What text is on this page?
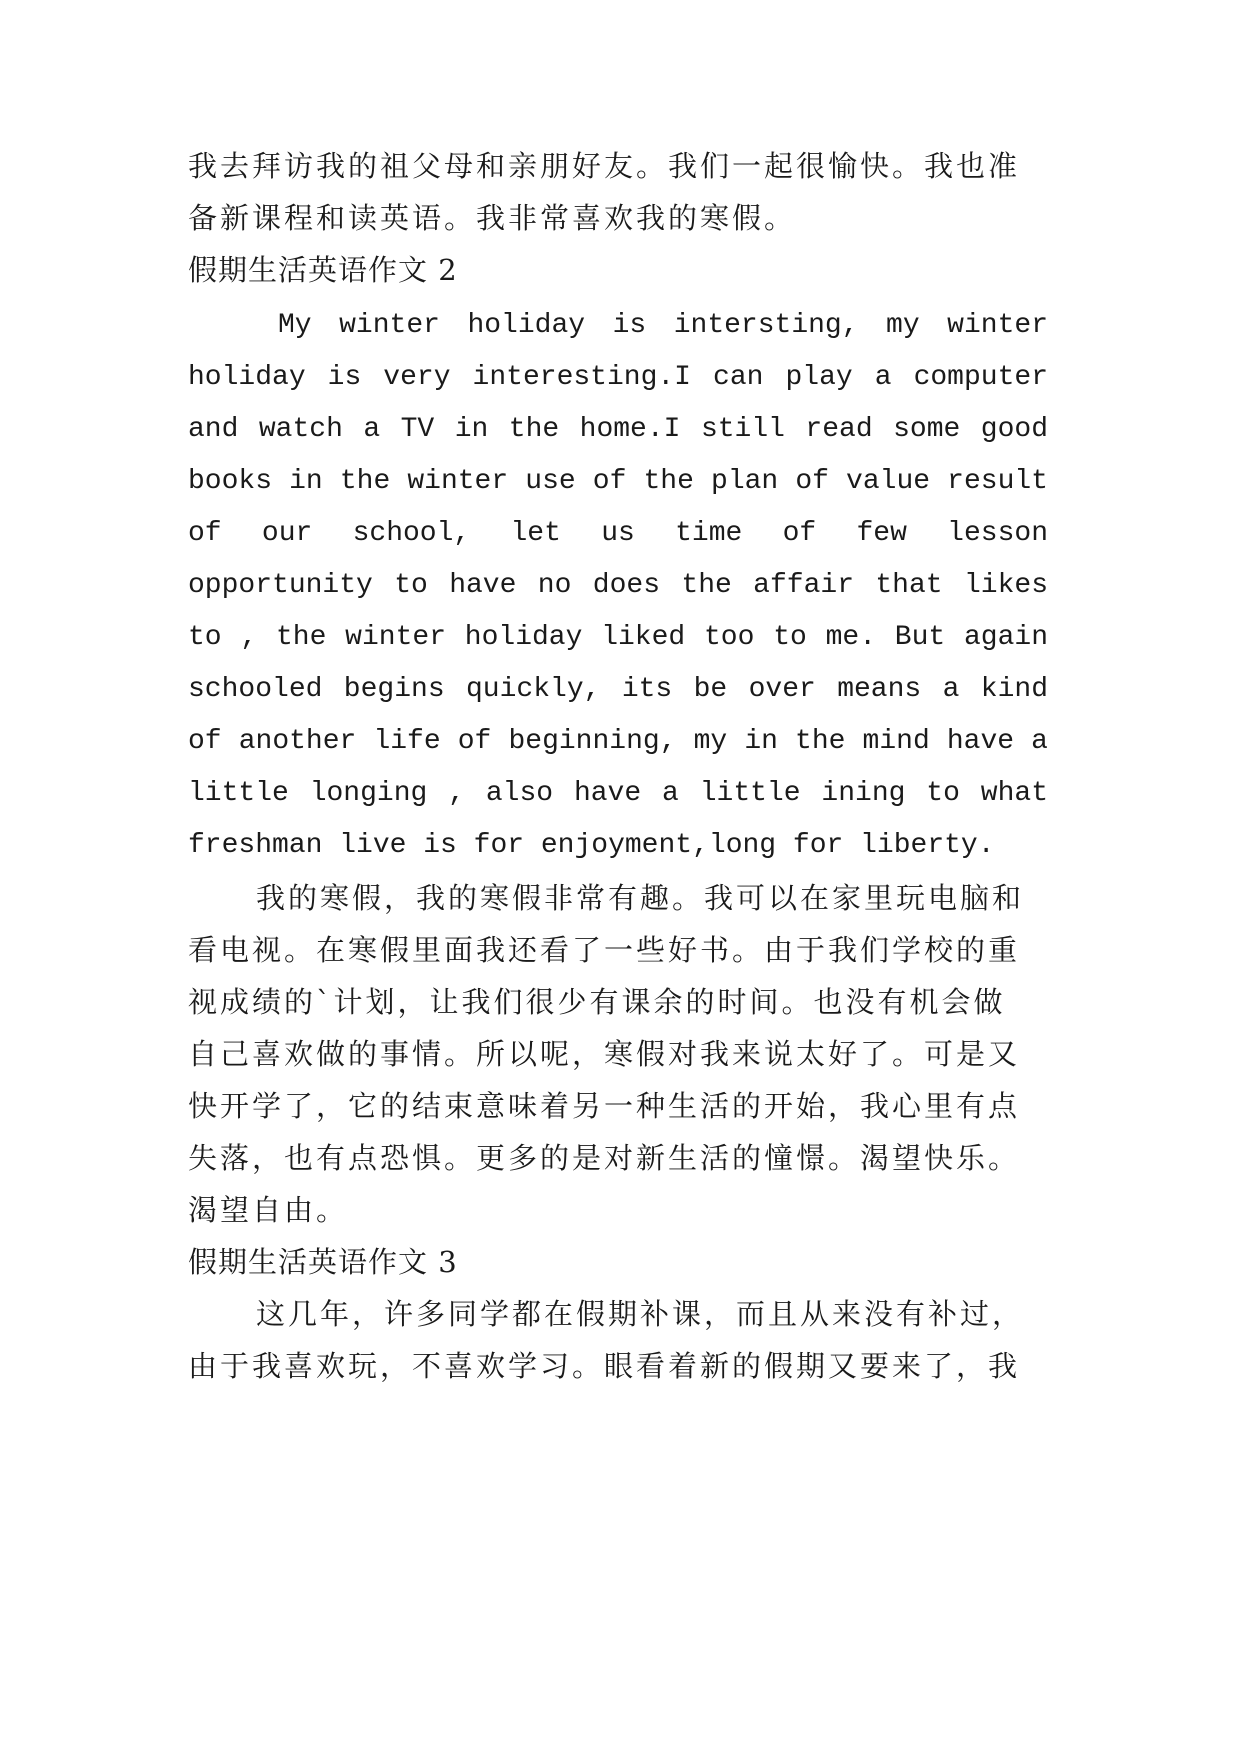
我去拜访我的祖父母和亲朋好友。我们一起很愉快。我也准
备新课程和读英语。我非常喜欢我的寒假。
假期生活英语作文 2
My winter holiday is intersting, my winter
holiday is very interesting.I can play a computer
and watch a TV in the home.I still read some good
books in the winter use of the plan of value result
of our school, let us time of few lesson
opportunity to have no does the affair that likes
to , the winter holiday liked too to me. But again
schooled begins quickly, its be over means a kind
of another life of beginning, my in the mind have a
little longing , also have a little ining to what
freshman live is for enjoyment,long for liberty.
我的寒假，我的寒假非常有趣。我可以在家里玩电脑和
看电视。在寒假里面我还看了一些好书。由于我们学校的重
视成绩的`计划，让我们很少有课余的时间。也没有机会做
自己喜欢做的事情。所以呢，寒假对我来说太好了。可是又
快开学了，它的结束意味着另一种生活的开始，我心里有点
失落，也有点恐惧。更多的是对新生活的憧憬。渴望快乐。
渴望自由。
假期生活英语作文 3
这几年，许多同学都在假期补课，而且从来没有补过，
由于我喜欢玩，不喜欢学习。眼看着新的假期又要来了，我
